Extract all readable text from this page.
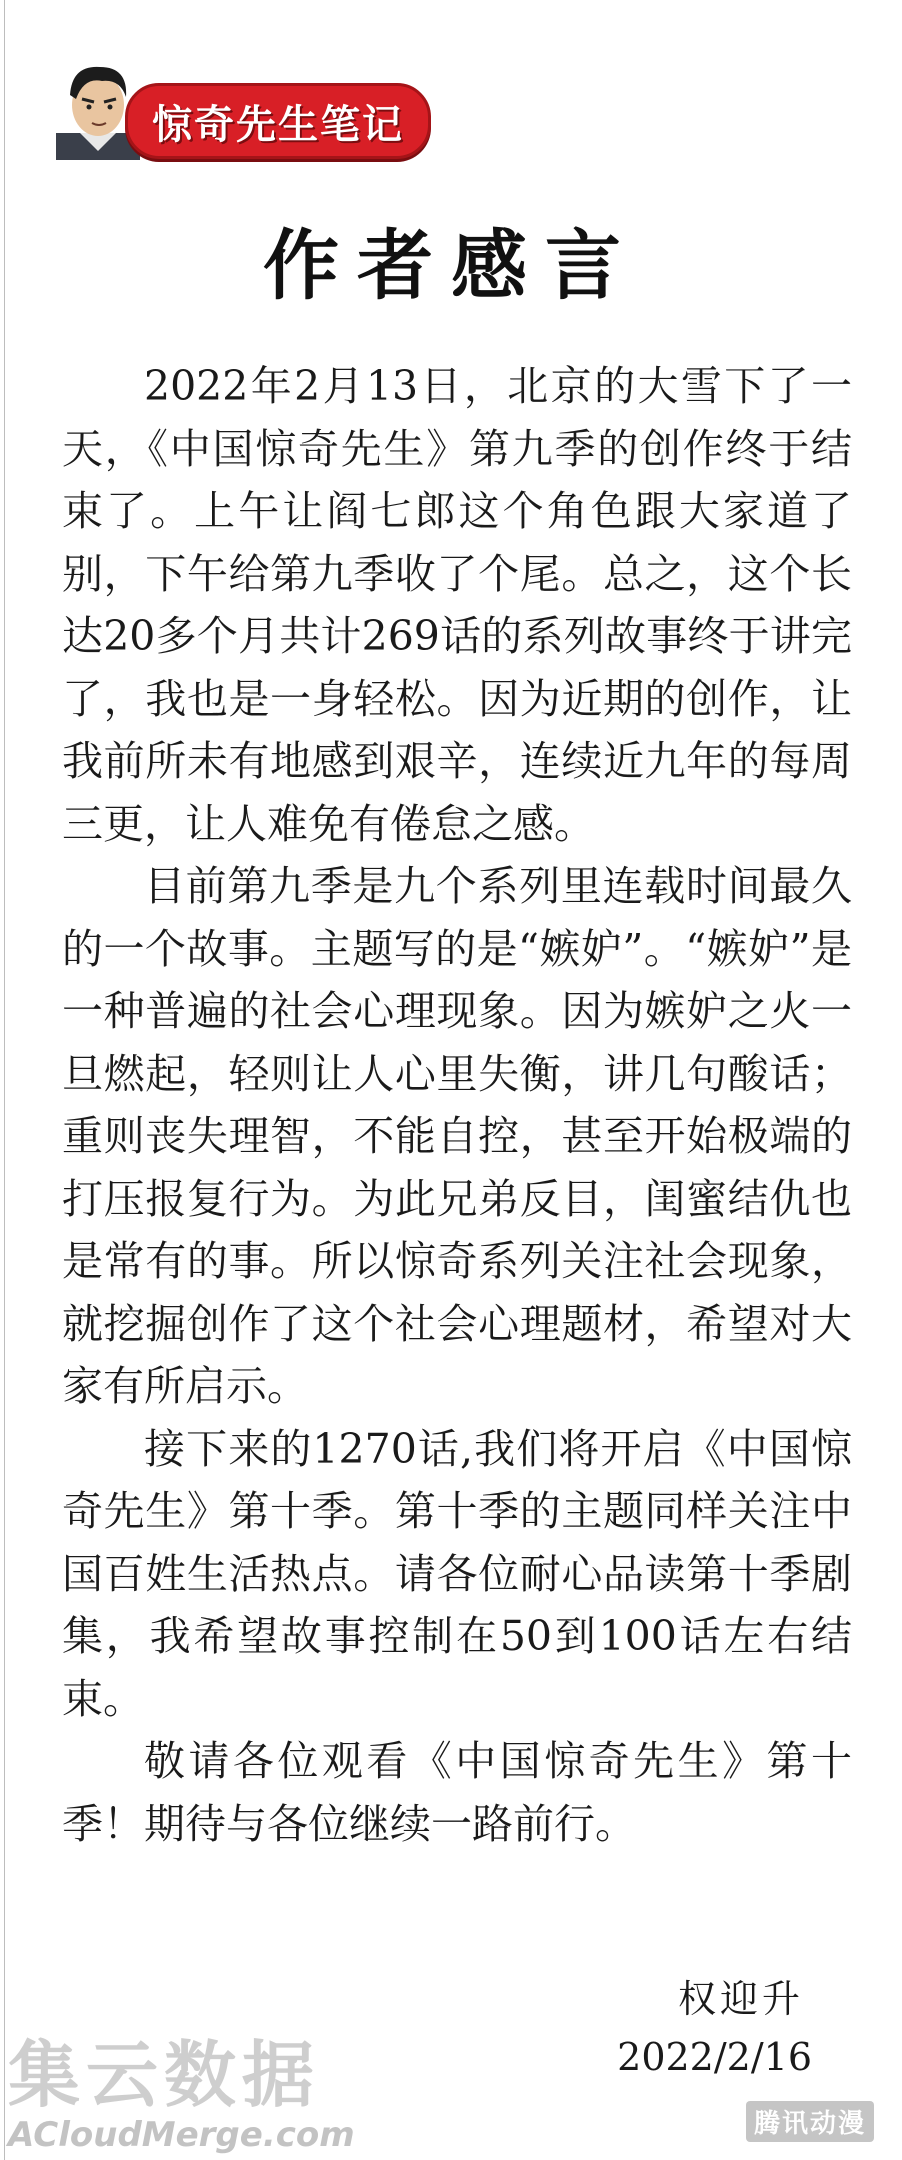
惊奇先生笔记
作者感言

2022年2月13日，北京的大雪下了一天，《中国惊奇先生》第九季的创作终于结束了。上午让阎七郎这个角色跟大家道了别，下午给第九季收了个尾。总之，这个长达20多个月共计269话的系列故事终于讲完了，我也是一身轻松。因为近期的创作，让我前所未有地感到艰辛，连续近九年的每周三更，让人难免有倦怠之感。

目前第九季是九个系列里连载时间最久的一个故事。主题写的是“嫉妒”。“嫉妒”是一种普遍的社会心理现象。因为嫉妒之火一旦燃起，轻则让人心里失衡，讲几句酸话；重则丧失理智，不能自控，甚至开始极端的打压报复行为。为此兄弟反目，闺蜜结仇也是常有的事。所以惊奇系列关注社会现象，就挖掘创作了这个社会心理题材，希望对大家有所启示。

接下来的1270话,我们将开启《中国惊奇先生》第十季。第十季的主题同样关注中国百姓生活热点。请各位耐心品读第十季剧集，我希望故事控制在50到100话左右结束。

敬请各位观看《中国惊奇先生》第十季！期待与各位继续一路前行。

权迎升
2022/2/16
集云数据
ACloudMerge.com	腾讯动漫
